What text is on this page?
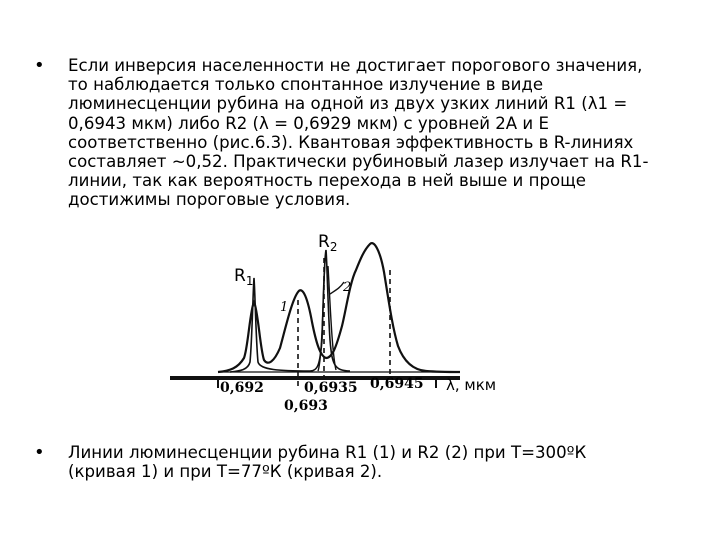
• Если инверсия населенности не достигает порогового значения,
то наблюдается только спонтанное излучение в виде
люминесценции рубина на одной из двух узких линий R1 (λ1 =
0,6943 мкм) либо R2 (λ = 0,6929 мкм) с уровней 2А и Е
соответственно (рис.6.3). Квантовая эффективность в R-линиях
составляет ~0,52. Практически рубиновый лазер излучает на R1-
линии, так как вероятность перехода в ней выше и проще
достижимы пороговые условия.
$R_2$
$R_1$
1
2
0,692	0,6935
0,693
0,6945 λ, мкм
• Линии люминесценции рубина R1 (1) и R2 (2) при Т=300ºК
(кривая 1) и при Т=77ºК (кривая 2).
